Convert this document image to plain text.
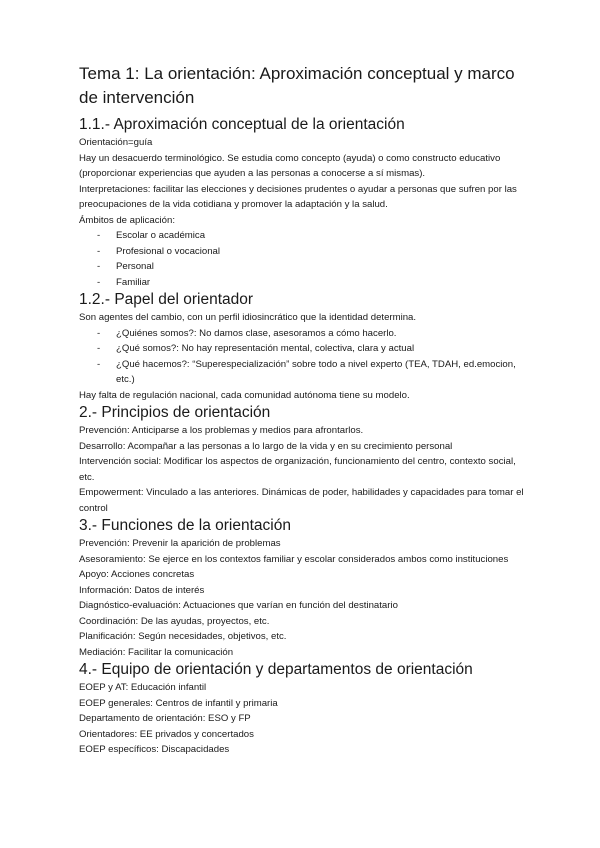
Tema 1: La orientación: Aproximación conceptual y marco de intervención
1.1.- Aproximación conceptual de la orientación

Orientación=guía

Hay un desacuerdo terminológico. Se estudia como concepto (ayuda) o como constructo educativo (proporcionar experiencias que ayuden a las personas a conocerse a sí mismas).

Interpretaciones: facilitar las elecciones y decisiones prudentes o ayudar a personas que sufren por las preocupaciones de la vida cotidiana y promover la adaptación y la salud.

Ámbitos de aplicación:

- Escolar o académica
- Profesional o vocacional
- Personal
- Familiar
1.2.- Papel del orientador

Son agentes del cambio, con un perfil idiosincrático que la identidad determina.

- ¿Quiénes somos?: No damos clase, asesoramos a cómo hacerlo.
- ¿Qué somos?: No hay representación mental, colectiva, clara y actual
- ¿Qué hacemos?: “Superespecialización” sobre todo a nivel experto (TEA, TDAH, ed.emocion, etc.)

Hay falta de regulación nacional, cada comunidad autónoma tiene su modelo.

2.- Principios de orientación

Prevención: Anticiparse a los problemas y medios para afrontarlos.

Desarrollo: Acompañar a las personas a lo largo de la vida y en su crecimiento personal

Intervención social: Modificar los aspectos de organización, funcionamiento del centro, contexto social, etc.

Empowerment: Vinculado a las anteriores. Dinámicas de poder, habilidades y capacidades para tomar el control

3.- Funciones de la orientación

Prevención: Prevenir la aparición de problemas

Asesoramiento: Se ejerce en los contextos familiar y escolar considerados ambos como instituciones

Apoyo: Acciones concretas

Información: Datos de interés

Diagnóstico-evaluación: Actuaciones que varían en función del destinatario

Coordinación: De las ayudas, proyectos, etc.

Planificación: Según necesidades, objetivos, etc.

Mediación: Facilitar la comunicación

4.- Equipo de orientación y departamentos de orientación

EOEP y AT: Educación infantil

EOEP generales: Centros de infantil y primaria

Departamento de orientación: ESO y FP

Orientadores: EE privados y concertados

EOEP específicos: Discapacidades
